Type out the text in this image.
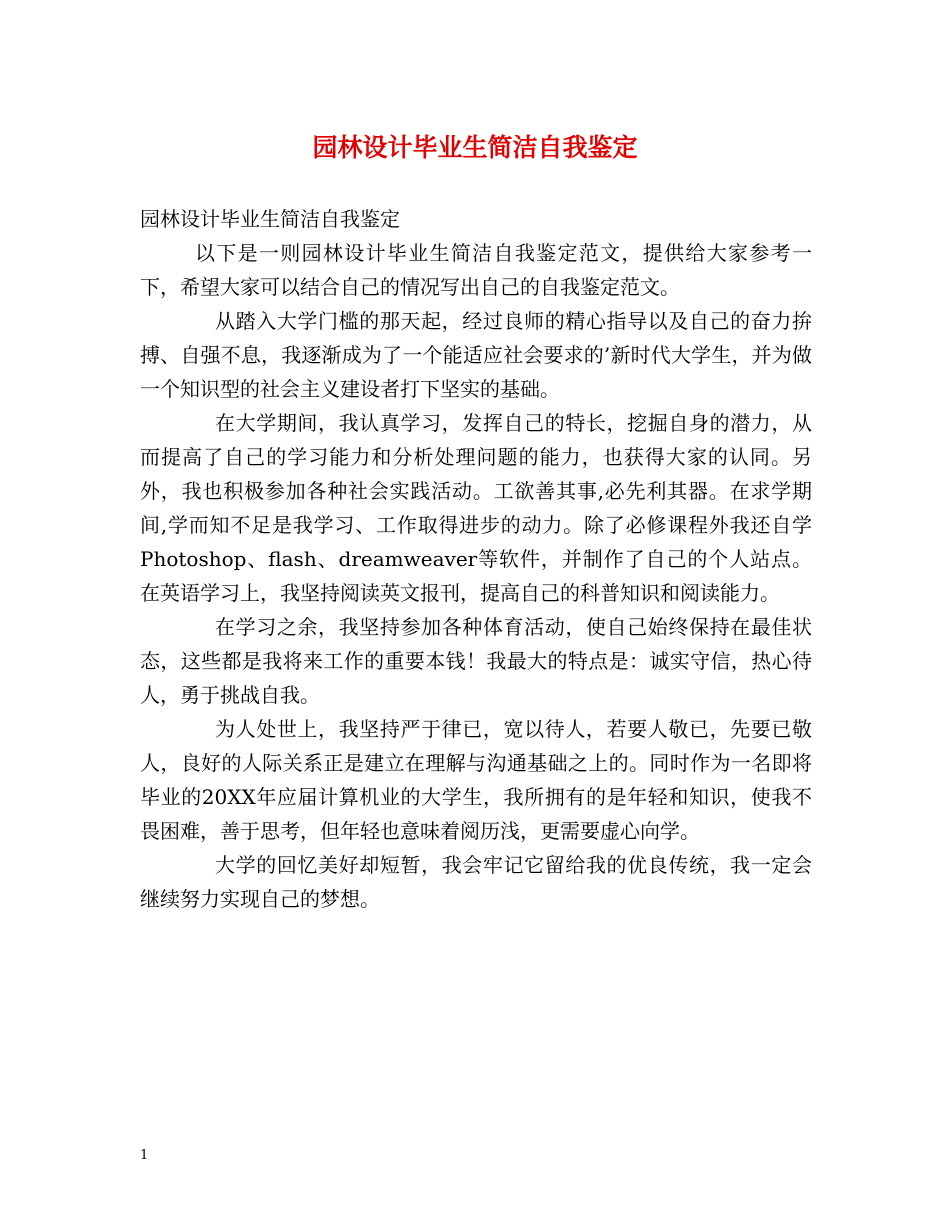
园林设计毕业生简洁自我鉴定

园林设计毕业生简洁自我鉴定

以下是一则园林设计毕业生简洁自我鉴定范文，提供给大家参考一下，希望大家可以结合自己的情况写出自己的自我鉴定范文。

从踏入大学门槛的那天起，经过良师的精心指导以及自己的奋力拚搏、自强不息，我逐渐成为了一个能适应社会要求的’新时代大学生，并为做一个知识型的社会主义建设者打下坚实的基础。

在大学期间，我认真学习，发挥自己的特长，挖掘自身的潜力，从而提高了自己的学习能力和分析处理问题的能力，也获得大家的认同。另外，我也积极参加各种社会实践活动。工欲善其事,必先利其器。在求学期间,学而知不足是我学习、工作取得进步的动力。除了必修课程外我还自学Photoshop、flash、dreamweaver等软件，并制作了自己的个人站点。在英语学习上，我坚持阅读英文报刊，提高自己的科普知识和阅读能力。

在学习之余，我坚持参加各种体育活动，使自己始终保持在最佳状态，这些都是我将来工作的重要本钱！我最大的特点是：诚实守信，热心待人，勇于挑战自我。

为人处世上，我坚持严于律已，宽以待人，若要人敬已，先要已敬人，良好的人际关系正是建立在理解与沟通基础之上的。同时作为一名即将毕业的20XX年应届计算机业的大学生，我所拥有的是年轻和知识，使我不畏困难，善于思考，但年轻也意味着阅历浅，更需要虚心向学。

大学的回忆美好却短暂，我会牢记它留给我的优良传统，我一定会继续努力实现自己的梦想。

1
